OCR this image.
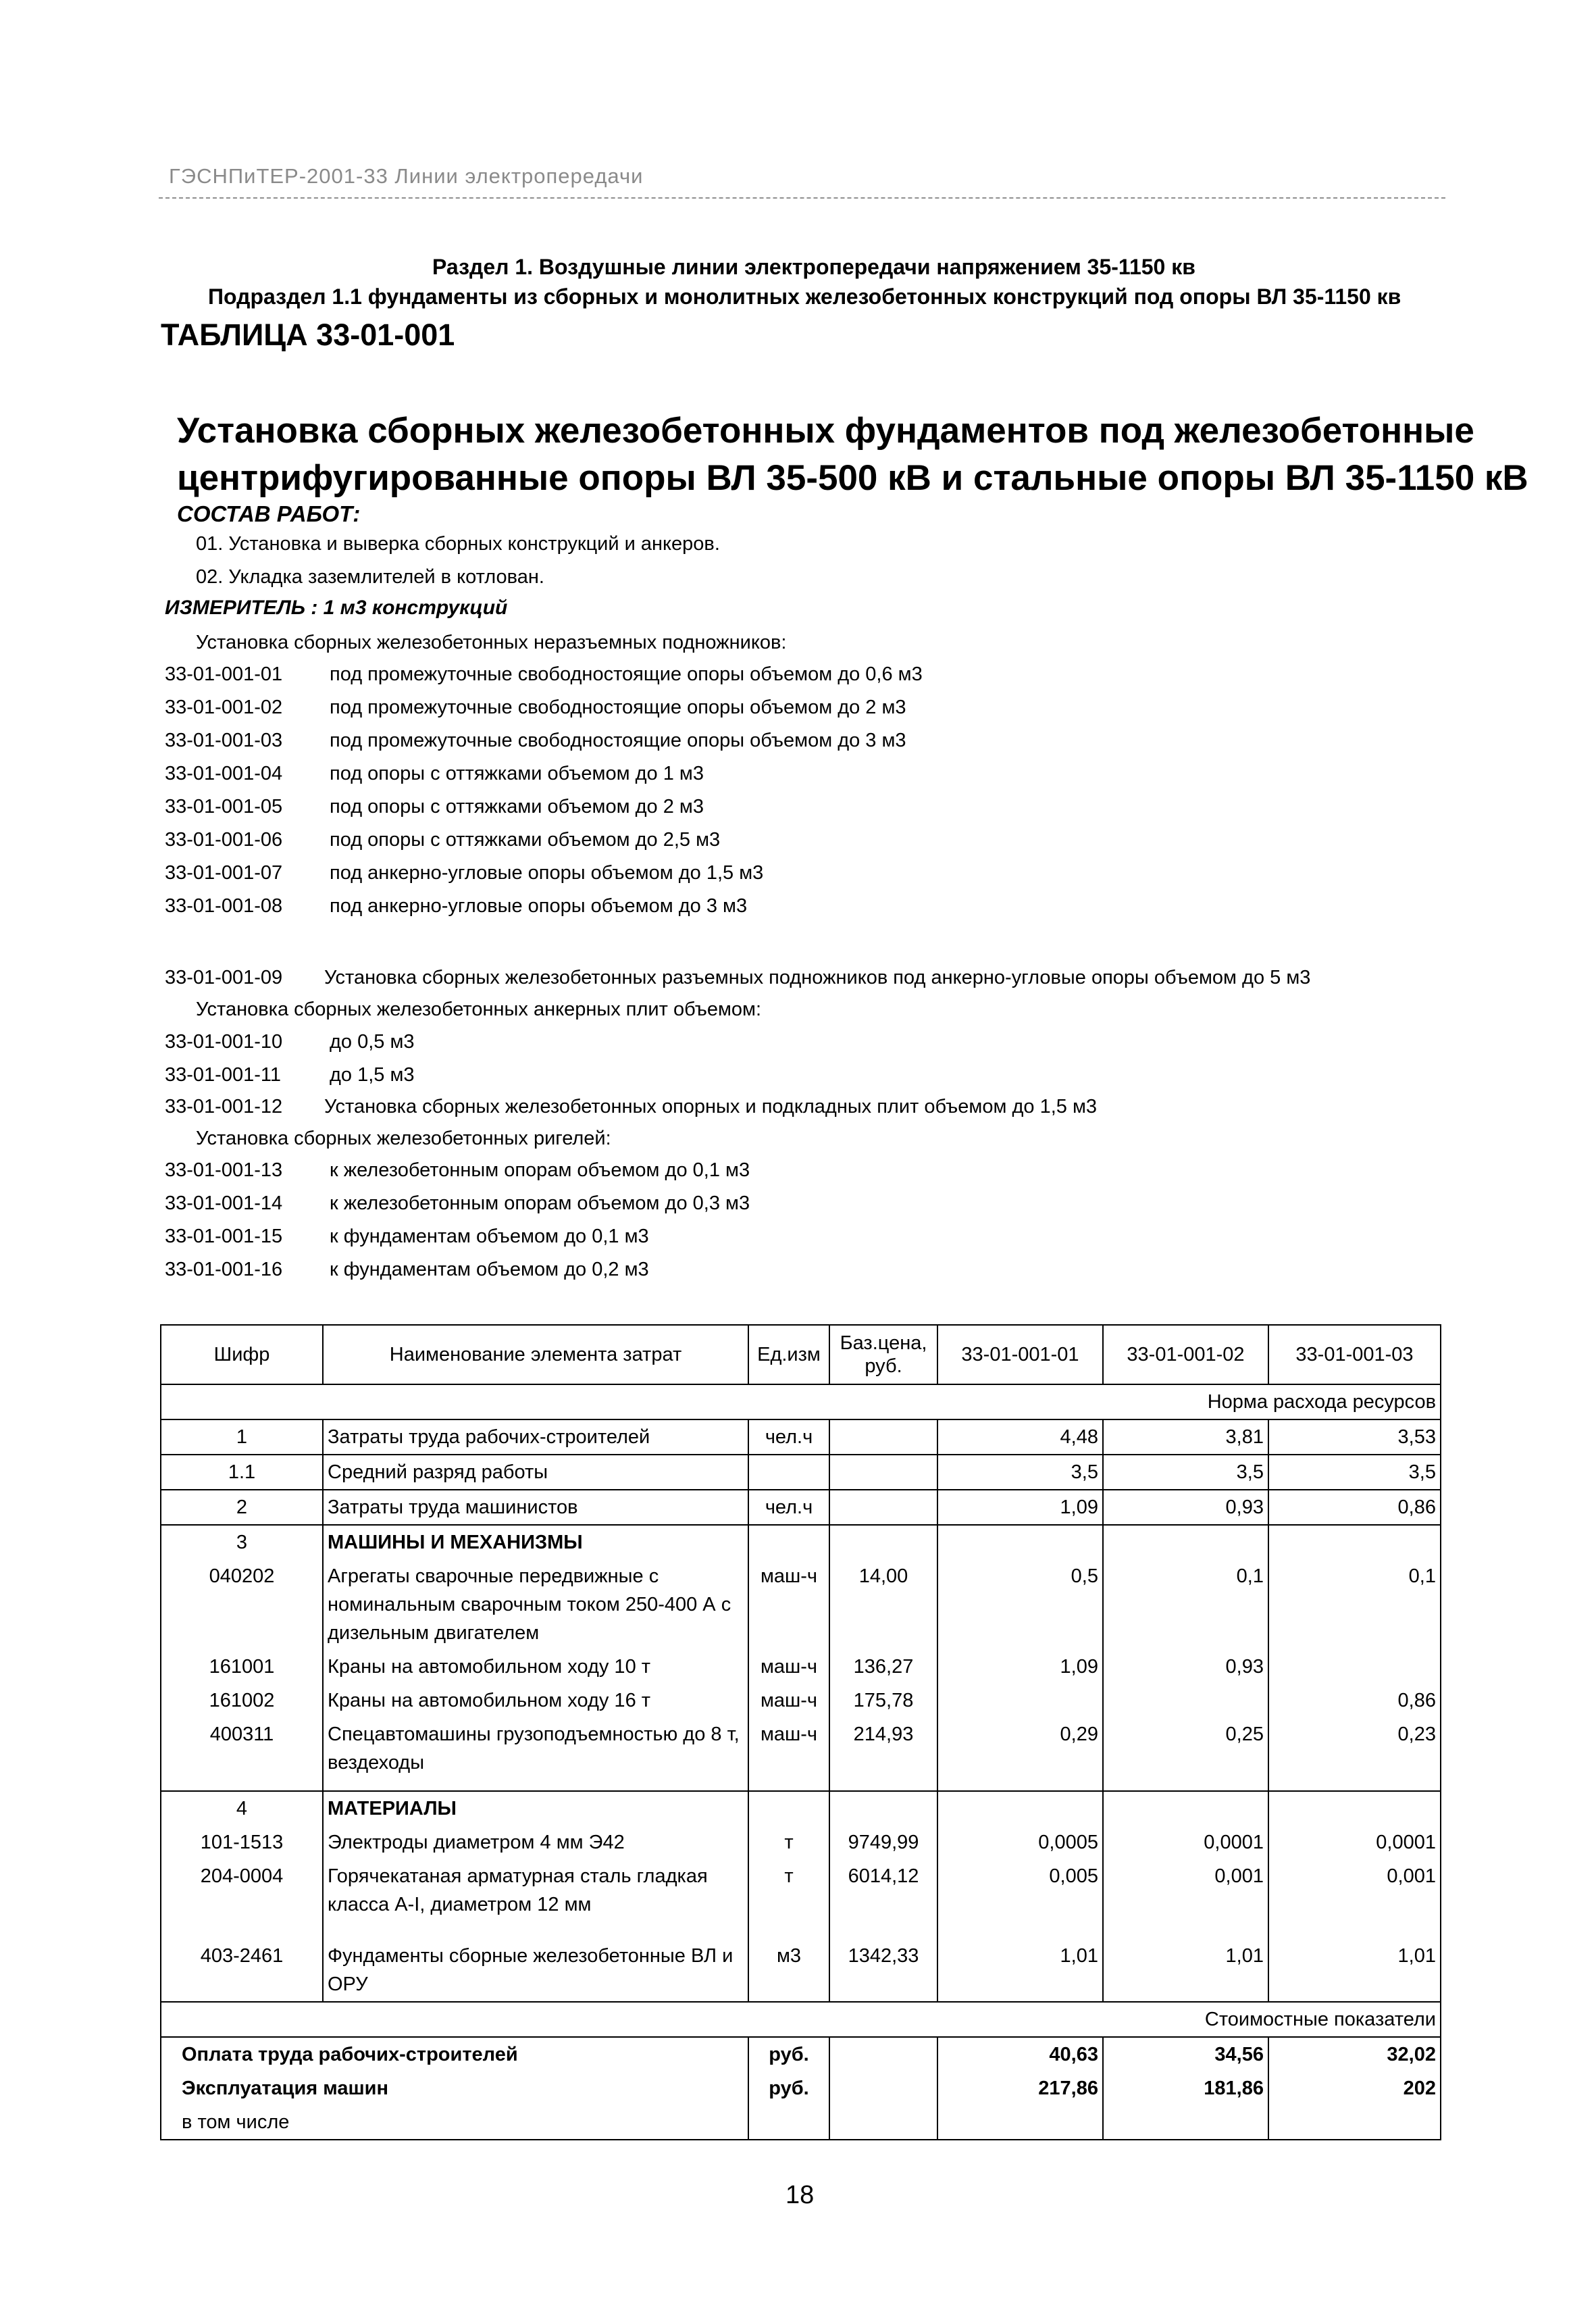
ГЭСНПиТЕР-2001-33 Линии электропередачи
Раздел 1. Воздушные линии электропередачи напряжением 35-1150 кв
Подраздел 1.1 фундаменты из сборных и монолитных железобетонных конструкций под опоры ВЛ 35-1150 кв
ТАБЛИЦА 33-01-001
Установка сборных железобетонных фундаментов под железобетонные
центрифугированные опоры ВЛ 35-500 кВ и стальные опоры ВЛ 35-1150 кВ
СОСТАВ РАБОТ:
01. Установка и выверка сборных конструкций и анкеров.
02. Укладка заземлителей в котлован.
ИЗМЕРИТЕЛЬ : 1 м3 конструкций
Установка сборных железобетонных неразъемных подножников:
33-01-001-01 под промежуточные свободностоящие опоры объемом до 0,6 м3
33-01-001-02 под промежуточные свободностоящие опоры объемом до 2 м3
33-01-001-03 под промежуточные свободностоящие опоры объемом до 3 м3
33-01-001-04 под опоры с оттяжками объемом до 1 м3
33-01-001-05 под опоры с оттяжками объемом до 2 м3
33-01-001-06 под опоры с оттяжками объемом до 2,5 м3
33-01-001-07 под анкерно-угловые опоры объемом до 1,5 м3
33-01-001-08 под анкерно-угловые опоры объемом до 3 м3
33-01-001-09 Установка сборных железобетонных разъемных подножников под анкерно-угловые опоры объемом до 5 м3
Установка сборных железобетонных анкерных плит объемом:
33-01-001-10 до 0,5 м3
33-01-001-11 до 1,5 м3
33-01-001-12 Установка сборных железобетонных опорных и подкладных плит объемом до 1,5 м3
Установка сборных железобетонных ригелей:
33-01-001-13 к железобетонным опорам объемом до 0,1 м3
33-01-001-14 к железобетонным опорам объемом до 0,3 м3
33-01-001-15 к фундаментам объемом до 0,1 м3
33-01-001-16 к фундаментам объемом до 0,2 м3
Шифр	Наименование элемента затрат	Ед.изм	Баз.цена, руб.	33-01-001-01	33-01-001-02	33-01-001-03
Норма расхода ресурсов						
1	Затраты труда рабочих-строителей	чел.ч		4,48	3,81	3,53
1.1	Средний разряд работы			3,5	3,5	3,5
2	Затраты труда машинистов	чел.ч		1,09	0,93	0,86
3	МАШИНЫ И МЕХАНИЗМЫ					
040202	Агрегаты сварочные передвижные с номинальным сварочным током 250-400 А с дизельным двигателем	маш-ч	14,00	0,5	0,1	0,1
161001	Краны на автомобильном ходу 10 т	маш-ч	136,27	1,09	0,93	
161002	Краны на автомобильном ходу 16 т	маш-ч	175,78			0,86
400311	Спецавтомашины грузоподъемностью до 8 т, вездеходы	маш-ч	214,93	0,29	0,25	0,23
4	МАТЕРИАЛЫ					
101-1513	Электроды диаметром 4 мм Э42	т	9749,99	0,0005	0,0001	0,0001
204-0004	Горячекатаная арматурная сталь гладкая класса А-I, диаметром 12 мм	т	6014,12	0,005	0,001	0,001
403-2461	Фундаменты сборные железобетонные ВЛ и ОРУ	м3	1342,33	1,01	1,01	1,01
Стоимостные показатели						
Оплата труда рабочих-строителей		руб.		40,63	34,56	32,02
Эксплуатация машин		руб.		217,86	181,86	202
в том числе						
18
